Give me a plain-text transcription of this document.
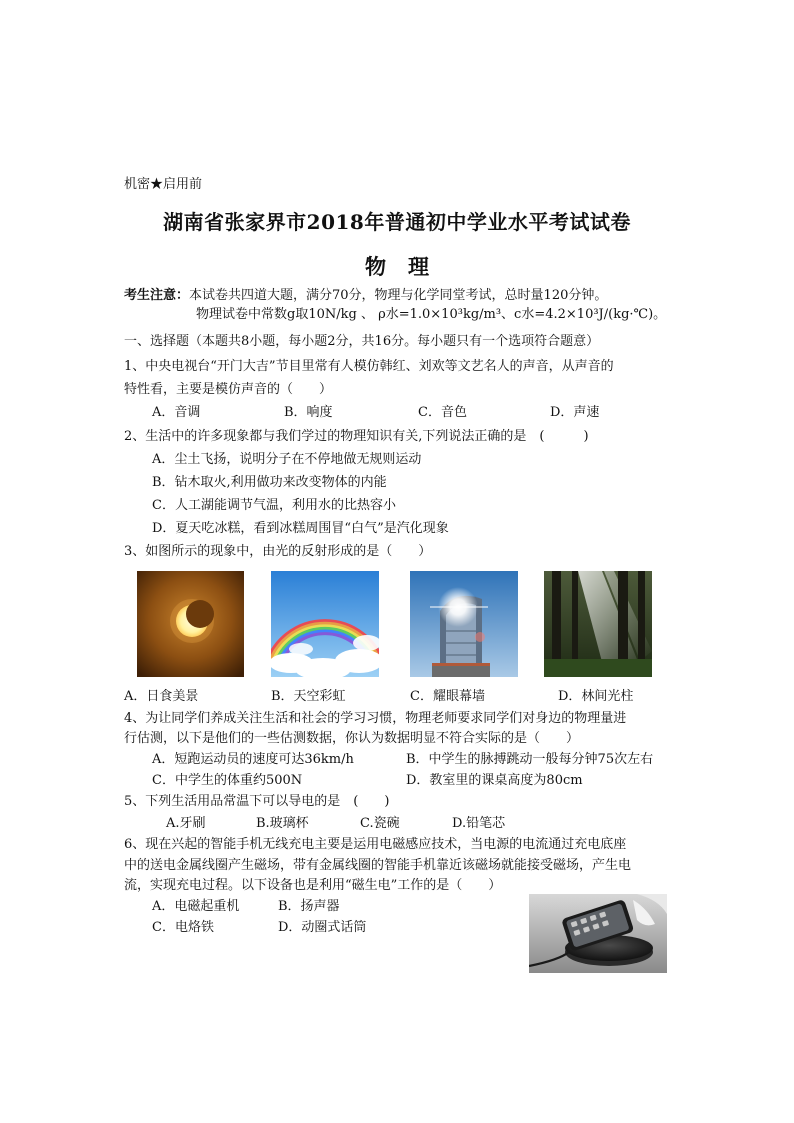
机密★启用前
湖南省张家界市2018年普通初中学业水平考试试卷
物理
考生注意：本试卷共四道大题，满分70分，物理与化学同堂考试，总时量120分钟。
物理试卷中常数g取10N/kg 、 ρ水=1.0×10³kg/m³、c水=4.2×10³J/(kg·℃)。
一、选择题（本题共8小题，每小题2分，共16分。每小题只有一个选项符合题意）
1、中央电视台“开门大吉”节目里常有人模仿韩红、刘欢等文艺名人的声音，从声音的
特性看，主要是模仿声音的（　　）
A．音调	B．响度	C．音色	D．声速
2、生活中的许多现象都与我们学过的物理知识有关,下列说法正确的是　(　　　)
A．尘土飞扬，说明分子在不停地做无规则运动
B．钻木取火,利用做功来改变物体的内能
C．人工湖能调节气温，利用水的比热容小
D．夏天吃冰糕，看到冰糕周围冒“白气”是汽化现象
3、如图所示的现象中，由光的反射形成的是（　　）
A．日食美景	B．天空彩虹	C．耀眼幕墙	D．林间光柱
4、为让同学们养成关注生活和社会的学习习惯，物理老师要求同学们对身边的物理量进
行估测，以下是他们的一些估测数据，你认为数据明显不符合实际的是（　　）
A．短跑运动员的速度可达36km/h	B．中学生的脉搏跳动一般每分钟75次左右
C．中学生的体重约500N	D．教室里的课桌高度为80cm
5、下列生活用品常温下可以导电的是　(　　)
A.牙刷	B.玻璃杯	C.瓷碗	D.铅笔芯
6、现在兴起的智能手机无线充电主要是运用电磁感应技术，当电源的电流通过充电底座
中的送电金属线圈产生磁场，带有金属线圈的智能手机靠近该磁场就能接受磁场，产生电
流，实现充电过程。以下设备也是利用“磁生电”工作的是（　　）
A．电磁起重机	B．扬声器
C．电烙铁	D．动圈式话筒
